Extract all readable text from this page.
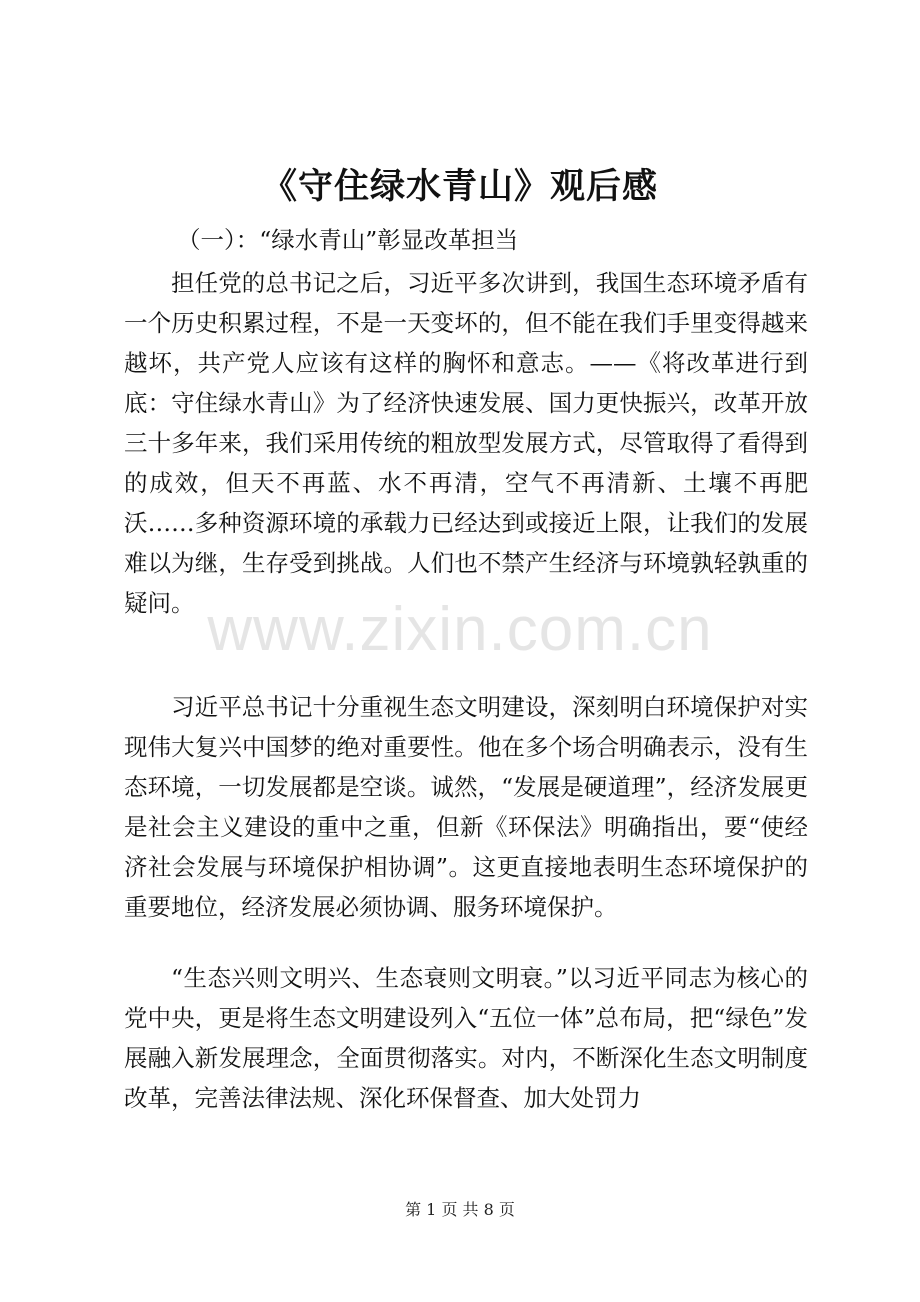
www.zixin.com.cn
《守住绿水青山》观后感
（一）：“绿水青山”彰显改革担当

担任党的总书记之后，习近平多次讲到，我国生态环境矛盾有一个历史积累过程，不是一天变坏的，但不能在我们手里变得越来越坏，共产党人应该有这样的胸怀和意志。——《将改革进行到底：守住绿水青山》为了经济快速发展、国力更快振兴，改革开放三十多年来，我们采用传统的粗放型发展方式，尽管取得了看得到的成效，但天不再蓝、水不再清，空气不再清新、土壤不再肥沃……多种资源环境的承载力已经达到或接近上限，让我们的发展难以为继，生存受到挑战。人们也不禁产生经济与环境孰轻孰重的疑问。

习近平总书记十分重视生态文明建设，深刻明白环境保护对实现伟大复兴中国梦的绝对重要性。他在多个场合明确表示，没有生态环境，一切发展都是空谈。诚然，“发展是硬道理”，经济发展更是社会主义建设的重中之重，但新《环保法》明确指出，要“使经济社会发展与环境保护相协调”。这更直接地表明生态环境保护的重要地位，经济发展必须协调、服务环境保护。

“生态兴则文明兴、生态衰则文明衰。”以习近平同志为核心的党中央，更是将生态文明建设列入“五位一体”总布局，把“绿色”发展融入新发展理念，全面贯彻落实。对内，不断深化生态文明制度改革，完善法律法规、深化环保督查、加大处罚力

第 1 页 共 8 页
